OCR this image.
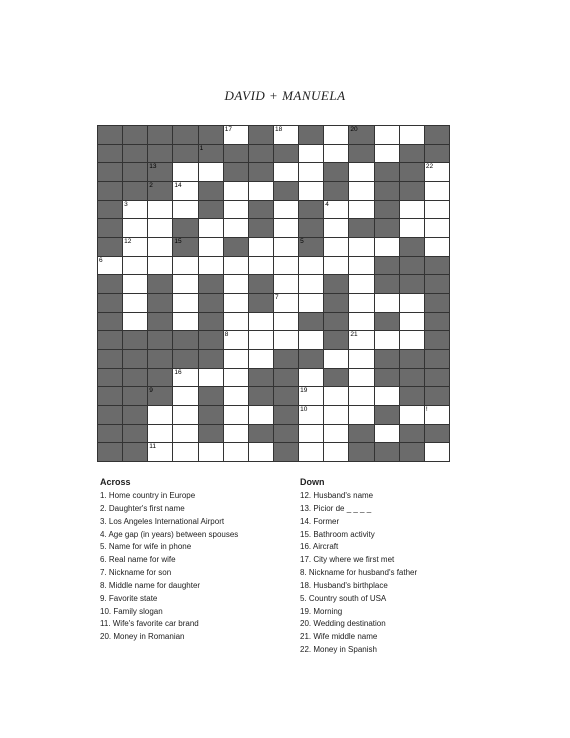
DAVID + MANUELA
17	18	20
1
13	22
2	14
3	4
12	15	5
6
7
8	21
16
9	19
10	!
11
Across
1. Home country in Europe
2. Daughter's first name
3. Los Angeles International Airport
4. Age gap (in years) between spouses
5. Name for wife in phone
6. Real name for wife
7. Nickname for son
8. Middle name for daughter
9. Favorite state
10. Family slogan
11. Wife's favorite car brand
20. Money in Romanian
Down
12. Husband's name
13. Picior de _ _ _ _
14. Former
15. Bathroom activity
16. Aircraft
17. City where we first met
8. Nickname for husband's father
18. Husband's birthplace
5. Country south of USA
19. Morning
20. Wedding destination
21. Wife middle name
22. Money in Spanish
